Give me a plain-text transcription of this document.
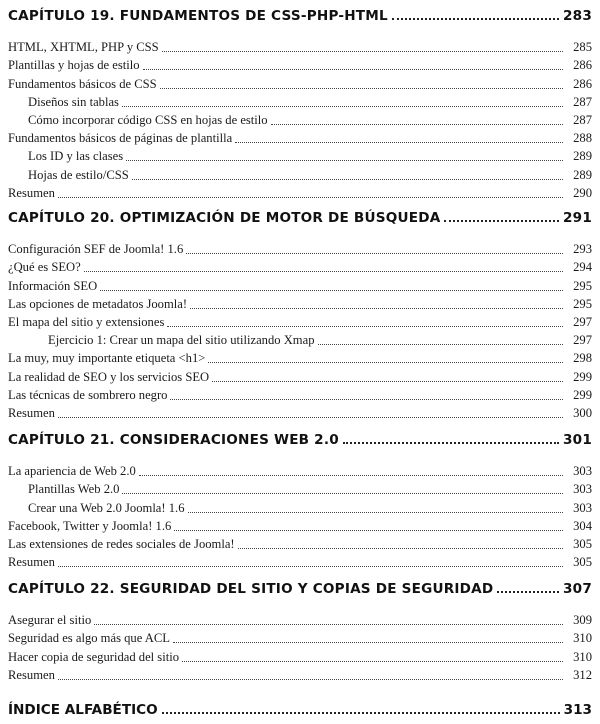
CAPÍTULO 19. FUNDAMENTOS DE CSS-PHP-HTML	283
HTML, XHTML, PHP y CSS	285
Plantillas y hojas de estilo	286
Fundamentos básicos de CSS	286
Diseños sin tablas	287
Cómo incorporar código CSS en hojas de estilo	287
Fundamentos básicos de páginas de plantilla	288
Los ID y las clases	289
Hojas de estilo/CSS	289
Resumen	290
CAPÍTULO 20. OPTIMIZACIÓN DE MOTOR DE BÚSQUEDA	291
Configuración SEF de Joomla! 1.6	293
¿Qué es SEO?	294
Información SEO	295
Las opciones de metadatos Joomla!	295
El mapa del sitio y extensiones	297
Ejercicio 1: Crear un mapa del sitio utilizando Xmap	297
La muy, muy importante etiqueta <h1>	298
La realidad de SEO y los servicios SEO	299
Las técnicas de sombrero negro	299
Resumen	300
CAPÍTULO 21. CONSIDERACIONES WEB 2.0	301
La apariencia de Web 2.0	303
Plantillas Web 2.0	303
Crear una Web 2.0 Joomla! 1.6	303
Facebook, Twitter y Joomla! 1.6	304
Las extensiones de redes sociales de Joomla!	305
Resumen	305
CAPÍTULO 22. SEGURIDAD DEL SITIO Y COPIAS DE SEGURIDAD	307
Asegurar el sitio	309
Seguridad es algo más que ACL	310
Hacer copia de seguridad del sitio	310
Resumen	312
ÍNDICE ALFABÉTICO	313
